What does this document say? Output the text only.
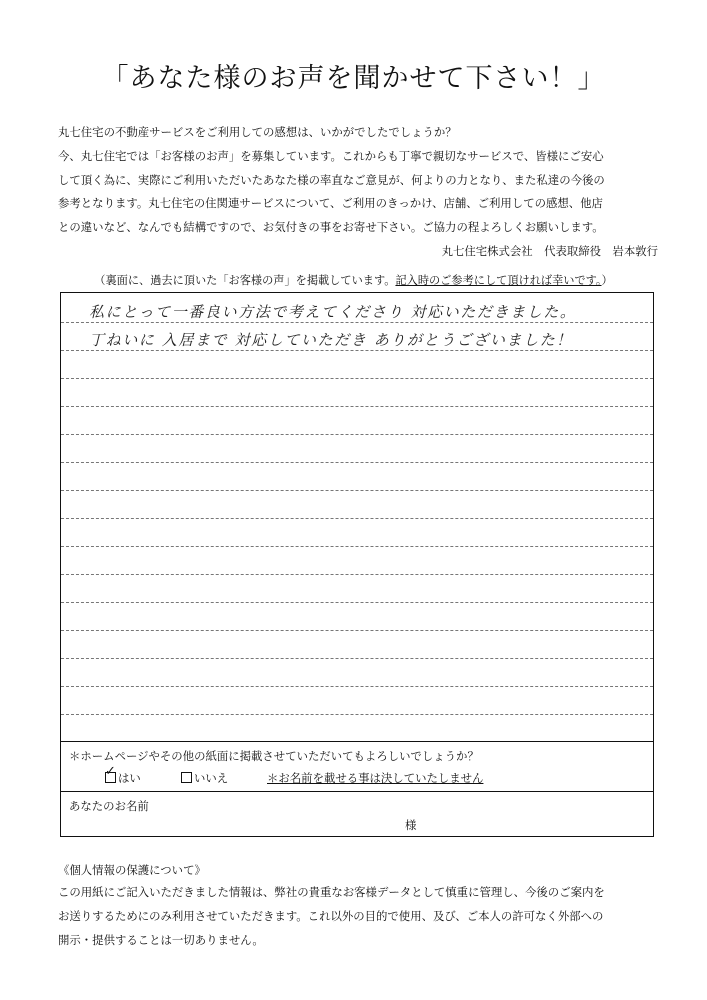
「あなた様のお声を聞かせて下さい！」
丸七住宅の不動産サービスをご利用しての感想は、いかがでしたでしょうか？
今、丸七住宅では「お客様のお声」を募集しています。これからも丁寧で親切なサービスで、皆様にご安心
して頂く為に、実際にご利用いただいたあなた様の率直なご意見が、何よりの力となり、また私達の今後の
参考となります。丸七住宅の住関連サービスについて、ご利用のきっかけ、店舗、ご利用しての感想、他店
との違いなど、なんでも結構ですので、お気付きの事をお寄せ下さい。ご協力の程よろしくお願いします。
丸七住宅株式会社　代表取締役　岩本敦行
（裏面に、過去に頂いた「お客様の声」を掲載しています。記入時のご参考にして頂ければ幸いです。）
私にとって一番良い方法で考えてくださり 対応いただきました。
丁ねいに 入居まで 対応していただき ありがとうございました！
＊ホームページやその他の紙面に掲載させていただいてもよろしいでしょうか？
✓ はい	いいえ	＊お名前を載せる事は決していたしません
あなたのお名前
様
《個人情報の保護について》
この用紙にご記入いただきました情報は、弊社の貴重なお客様データとして慎重に管理し、今後のご案内を
お送りするためにのみ利用させていただきます。これ以外の目的で使用、及び、ご本人の許可なく外部への
開示・提供することは一切ありません。
